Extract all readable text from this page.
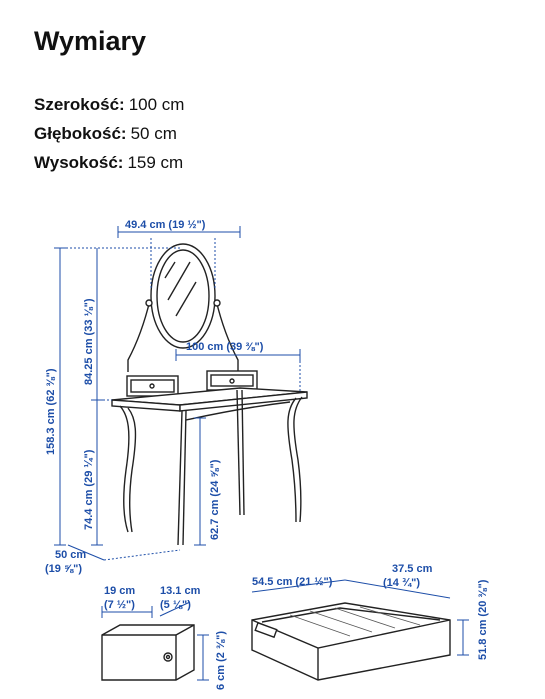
Wymiary
Szerokość: 100 cm
Głębokość: 50 cm
Wysokość: 159 cm
49.4 cm (19 ½")
100 cm (39 ⅜")
158.3 cm (62 ⅜")
84.25 cm (33 ⅛")
74.4 cm (29 ¼")	62.7 cm (24 ⅝")
50 cm
(19 ⅝")
19 cm
(7 ½")
13.1 cm
(5 ⅛")
6 cm (2 ⅜")
54.5 cm (21 ½")
37.5 cm
(14 ¾")	51.8 cm (20 ⅜")
